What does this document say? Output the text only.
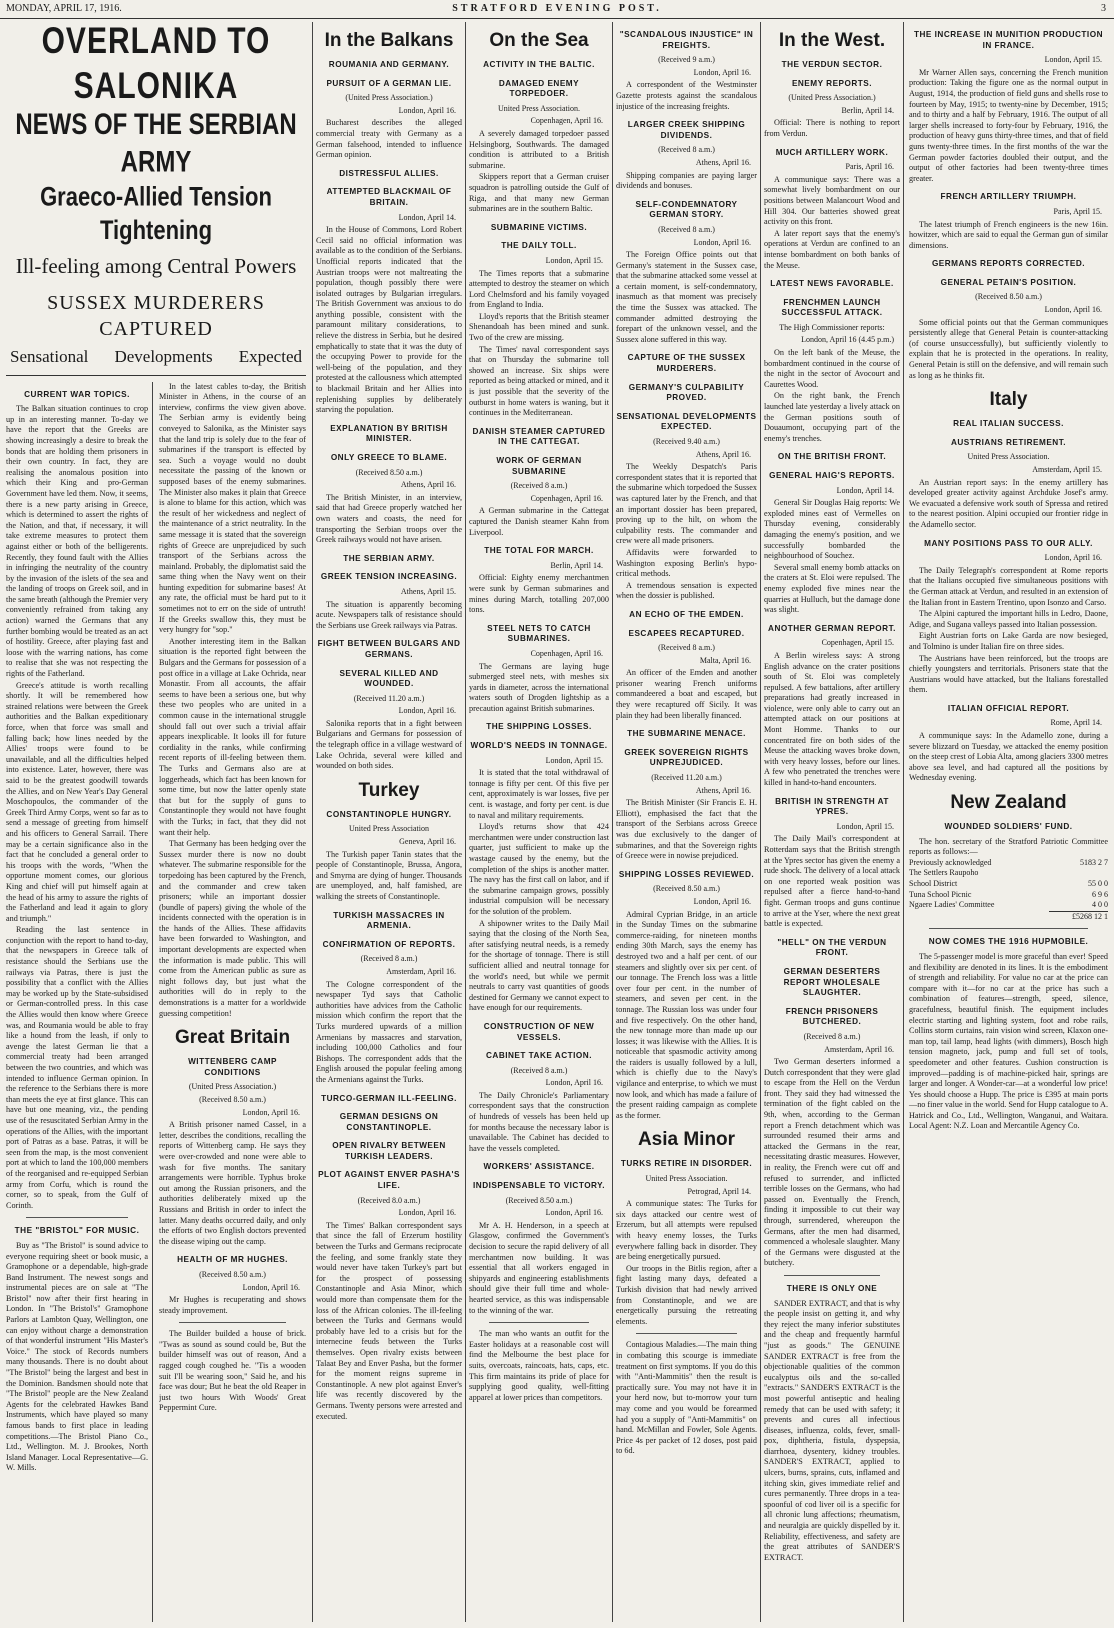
MONDAY, APRIL 17, 1916.	STRATFORD EVENING POST.	3
OVERLAND TO SALONIKA
NEWS OF THE SERBIAN ARMY
Graeco-Allied Tension Tightening
Ill-feeling among Central Powers
SUSSEX MURDERERS CAPTURED
Sensational Developments Expected
CURRENT WAR TOPICS.

The Balkan situation continues to crop up in an interesting manner. To-day we have the report that the Greeks are showing increasingly a desire to break the bonds that are holding them prisoners in their own country. In fact, they are realising the anomalous position into which their King and pro-German Government have led them. Now, it seems, there is a new party arising in Greece, which is determined to assert the rights of the Nation, and that, if necessary, it will take extreme measures to protect them against either or both of the belligerents. Recently, they found fault with the Allies in infringing the neutrality of the country by the invasion of the islets of the sea and the landing of troops on Greek soil, and in the same breath (although the Premier very conveniently refrained from taking any action) warned the Germans that any further bombing would be treated as an act of hostility. Greece, after playing fast and loose with the warring nations, has come to realise that she was not respecting the rights of the Fatherland.

Greece's attitude is worth recalling shortly. It will be remembered how strained relations were between the Greek authorities and the Balkan expeditionary force, when that force was small and falling back; how lines needed by the Allies' troops were found to be unavailable, and all the difficulties helped into existence. Later, however, there was said to be the greatest goodwill towards the Allies, and on New Year's Day General Moschopoulos, the commander of the Greek Third Army Corps, went so far as to send a message of greeting from himself and his officers to General Sarrail. There may be a certain significance also in the fact that he concluded a general order to his troops with the words, "When the opportune moment comes, our glorious King and chief will put himself again at the head of his army to assure the rights of the Fatherland and lead it again to glory and triumph."

Reading the last sentence in conjunction with the report to hand to-day, that the newspapers in Greece talk of resistance should the Serbians use the railways via Patras, there is just the possibility that a conflict with the Allies may be worked up by the State-subsidised or German-controlled press. In this case the Allies would then know where Greece was, and Roumania would be able to fray like a hound from the leash, if only to avenge the latest German lie that a commercial treaty had been arranged between the two countries, and which was intended to influence German opinion. In the reference to the Serbians there is more than meets the eye at first glance. This can have but one meaning, viz., the pending use of the resuscitated Serbian Army in the operations of the Allies, with the important port of Patras as a base. Patras, it will be seen from the map, is the most convenient port at which to land the 100,000 members of the reorganised and re-equipped Serbian army from Corfu, which is round the corner, so to speak, from the Gulf of Corinth.

THE "BRISTOL" FOR MUSIC.

Buy as "The Bristol" is sound advice to everyone requiring sheet or book music, a Gramophone or a dependable, high-grade Band Instrument. The newest songs and instrumental pieces are on sale at "The Bristol" now after their first hearing in London. In "The Bristol's" Gramophone Parlors at Lambton Quay, Wellington, one can enjoy without charge a demonstration of that wonderful instrument "His Master's Voice." The stock of Records numbers many thousands. There is no doubt about "The Bristol" being the largest and best in the Dominion. Bandsmen should note that "The Bristol" people are the New Zealand Agents for the celebrated Hawkes Band Instruments, which have played so many famous bands to first place in leading competitions.—The Bristol Piano Co., Ltd., Wellington. M. J. Brookes, North Island Manager. Local Representative—G. W. Mills.

In the latest cables to-day, the British Minister in Athens, in the course of an interview, confirms the view given above. The Serbian army is evidently being conveyed to Salonika, as the Minister says that the land trip is solely due to the fear of submarines if the transport is effected by sea. Such a voyage would no doubt necessitate the passing of the known or supposed bases of the enemy submarines. The Minister also makes it plain that Greece is alone to blame for this action, which was the result of her wickedness and neglect of the maintenance of a strict neutrality. In the same message it is stated that the sovereign rights of Greece are unprejudiced by such transport of the Serbians across the mainland. Probably, the diplomatist said the same thing when the Navy went on their hunting expedition for submarine bases! At any rate, the official must be hard put to it sometimes not to err on the side of untruth! If the Greeks swallow this, they must be very hungry for "sop."

Another interesting item in the Balkan situation is the reported fight between the Bulgars and the Germans for possession of a post office in a village at Lake Ochrida, near Monastir. From all accounts, the affair seems to have been a serious one, but why these two peoples who are united in a common cause in the international struggle should fall out over such a trivial affair appears inexplicable. It looks ill for future cordiality in the ranks, while confirming recent reports of ill-feeling between them. The Turks and Germans also are at loggerheads, which fact has been known for some time, but now the latter openly state that but for the supply of guns to Constantinople they would not have fought with the Turks; in fact, that they did not want their help.

That Germany has been hedging over the Sussex murder there is now no doubt whatever. The submarine responsible for the torpedoing has been captured by the French, and the commander and crew taken prisoners; while an important dossier (bundle of papers) giving the whole of the incidents connected with the operation is in the hands of the Allies. These affidavits have been forwarded to Washington, and important developments are expected when the information is made public. This will come from the American public as sure as night follows day, but just what the authorities will do in reply to the demonstrations is a matter for a worldwide guessing competition!

Great Britain
WITTENBERG CAMP CONDITIONS
(United Press Association.)
(Received 8.50 a.m.)
London, April 16.

A British prisoner named Cassel, in a letter, describes the conditions, recalling the reports of Wittenberg camp. He says they were over-crowded and none were able to wash for five months. The sanitary arrangements were horrible. Typhus broke out among the Russian prisoners, and the authorities deliberately mixed up the Russians and British in order to infect the latter. Many deaths occurred daily, and only the efforts of two English doctors prevented the disease wiping out the camp.

HEALTH OF MR HUGHES.
(Received 8.50 a.m.)
London, April 16.

Mr Hughes is recuperating and shows steady improvement.

The Builder builded a house of brick. "Twas as sound as sound could be, But the builder himself was out of reason, And a ragged cough coughed he. "Tis a wooden suit I'll be wearing soon," Said he, and his face was dour; But he beat the old Reaper in just two hours With Woods' Great Peppermint Cure.

In the Balkans
ROUMANIA AND GERMANY.
PURSUIT OF A GERMAN LIE.
(United Press Association.)
London, April 16.

Bucharest describes the alleged commercial treaty with Germany as a German falsehood, intended to influence German opinion.

DISTRESSFUL ALLIES.
ATTEMPTED BLACKMAIL OF BRITAIN.
London, April 14.

In the House of Commons, Lord Robert Cecil said no official information was available as to the condition of the Serbians. Unofficial reports indicated that the Austrian troops were not maltreating the population, though possibly there were isolated outrages by Bulgarian irregulars. The British Government was anxious to do anything possible, consistent with the paramount military considerations, to relieve the distress in Serbia, but he desired emphatically to state that it was the duty of the occupying Power to provide for the well-being of the population, and they protested at the callousness which attempted to blackmail Britain and her Allies into replenishing supplies by deliberately starving the population.

EXPLANATION BY BRITISH MINISTER.
ONLY GREECE TO BLAME.
(Received 8.50 a.m.)
Athens, April 16.

The British Minister, in an interview, said that had Greece properly watched her own waters and coasts, the need for transporting the Serbian troops over the Greek railways would not have arisen.

THE SERBIAN ARMY.
GREEK TENSION INCREASING.
Athens, April 15.

The situation is apparently becoming acute. Newspapers talk of resistance should the Serbians use Greek railways via Patras.

FIGHT BETWEEN BULGARS AND GERMANS.
SEVERAL KILLED AND WOUNDED.
(Received 11.20 a.m.)
London, April 16.

Salonika reports that in a fight between Bulgarians and Germans for possession of the telegraph office in a village westward of Lake Ochrida, several were killed and wounded on both sides.

Turkey
CONSTANTINOPLE HUNGRY.
United Press Association
Geneva, April 16.

The Turkish paper Tanin states that the people of Constantinople, Brussa, Angora, and Smyrna are dying of hunger. Thousands are unemployed, and, half famished, are walking the streets of Constantinople.

TURKISH MASSACRES IN ARMENIA.
CONFIRMATION OF REPORTS.
(Received 8 a.m.)
Amsterdam, April 16.

The Cologne correspondent of the newspaper Tyd says that Catholic authorities have advices from the Catholic mission which confirm the report that the Turks murdered upwards of a million Armenians by massacres and starvation, including 100,000 Catholics and four Bishops. The correspondent adds that the English aroused the popular feeling among the Armenians against the Turks.

TURCO-GERMAN ILL-FEELING.
GERMAN DESIGNS ON CONSTANTINOPLE.
OPEN RIVALRY BETWEEN TURKISH LEADERS.
PLOT AGAINST ENVER PASHA'S LIFE.
(Received 8.0 a.m.)
London, April 16.

The Times' Balkan correspondent says that since the fall of Erzerum hostility between the Turks and Germans reciprocate the feeling, and some frankly state they would never have taken Turkey's part but for the prospect of possessing Constantinople and Asia Minor, which would more than compensate them for the loss of the African colonies. The ill-feeling between the Turks and Germans would probably have led to a crisis but for the internecine feuds between the Turks themselves. Open rivalry exists between Talaat Bey and Enver Pasha, but the former for the moment reigns supreme in Constantinople. A new plot against Enver's life was recently discovered by the Germans. Twenty persons were arrested and executed.

On the Sea
ACTIVITY IN THE BALTIC.
DAMAGED ENEMY TORPEDOER.
United Press Association.
Copenhagen, April 16.

A severely damaged torpedoer passed Helsingborg, Southwards. The damaged condition is attributed to a British submarine.

Skippers report that a German cruiser squadron is patrolling outside the Gulf of Riga, and that many new German submarines are in the southern Baltic.

SUBMARINE VICTIMS.
THE DAILY TOLL.
London, April 15.

The Times reports that a submarine attempted to destroy the steamer on which Lord Chelmsford and his family voyaged from England to India.

Lloyd's reports that the British steamer Shenandoah has been mined and sunk. Two of the crew are missing.

The Times' naval correspondent says that on Thursday the submarine toll showed an increase. Six ships were reported as being attacked or mined, and it is just possible that the severity of the outburst in home waters is waning, but it continues in the Mediterranean.

DANISH STEAMER CAPTURED IN THE CATTEGAT.
WORK OF GERMAN SUBMARINE
(Received 8 a.m.)
Copenhagen, April 16.

A German submarine in the Cattegat captured the Danish steamer Kahn from Liverpool.

THE TOTAL FOR MARCH.
Berlin, April 14.

Official: Eighty enemy merchantmen were sunk by German submarines and mines during March, totalling 207,000 tons.

STEEL NETS TO CATCH SUBMARINES.
Copenhagen, April 16.

The Germans are laying huge submerged steel nets, with meshes six yards in diameter, across the international waters south of Drogden lightship as a precaution against British submarines.

THE SHIPPING LOSSES.
WORLD'S NEEDS IN TONNAGE.
London, April 15.

It is stated that the total withdrawal of tonnage is fifty per cent. Of this five per cent, approximately is war losses, five per cent. is wastage, and forty per cent. is due to naval and military requirements.

Lloyd's returns show that 424 merchantmen were under construction last quarter, just sufficient to make up the wastage caused by the enemy, but the completion of the ships is another matter. The navy has the first call on labor, and if the submarine campaign grows, possibly industrial compulsion will be necessary for the solution of the problem.

A shipowner writes to the Daily Mail saying that the closing of the North Sea, after satisfying neutral needs, is a remedy for the shortage of tonnage. There is still sufficient allied and neutral tonnage for the world's need, but while we permit neutrals to carry vast quantities of goods destined for Germany we cannot expect to have enough for our requirements.

CONSTRUCTION OF NEW VESSELS.
CABINET TAKE ACTION.
(Received 8 a.m.)
London, April 16.

The Daily Chronicle's Parliamentary correspondent says that the construction of hundreds of vessels has been held up for months because the necessary labor is unavailable. The Cabinet has decided to have the vessels completed.

WORKERS' ASSISTANCE.
INDISPENSABLE TO VICTORY.
(Received 8.50 a.m.)
London, April 16.

Mr A. H. Henderson, in a speech at Glasgow, confirmed the Government's decision to secure the rapid delivery of all merchantmen now building. It was essential that all workers engaged in shipyards and engineering establishments should give their full time and whole-hearted service, as this was indispensable to the winning of the war.

The man who wants an outfit for the Easter holidays at a reasonable cost will find the Melbourne the best place for suits, overcoats, raincoats, hats, caps, etc. This firm maintains its pride of place for supplying good quality, well-fitting apparel at lower prices than competitors.

"SCANDALOUS INJUSTICE" IN FREIGHTS.
(Received 9 a.m.)
London, April 16.

A correspondent of the Westminster Gazette protests against the scandalous injustice of the increasing freights.

LARGER CREEK SHIPPING DIVIDENDS.
(Received 8 a.m.)
Athens, April 16.

Shipping companies are paying larger dividends and bonuses.

SELF-CONDEMNATORY GERMAN STORY.
(Received 8 a.m.)
London, April 16.

The Foreign Office points out that Germany's statement in the Sussex case, that the submarine attacked some vessel at a certain moment, is self-condemnatory, inasmuch as that moment was precisely the time the Sussex was attacked. The commander admitted destroying the forepart of the unknown vessel, and the Sussex alone suffered in this way.

CAPTURE OF THE SUSSEX MURDERERS.
GERMANY'S CULPABILITY PROVED.
SENSATIONAL DEVELOPMENTS EXPECTED.
(Received 9.40 a.m.)
Athens, April 16.

The Weekly Despatch's Paris correspondent states that it is reported that the submarine which torpedoed the Sussex was captured later by the French, and that an important dossier has been prepared, proving up to the hilt, on whom the culpability rests. The commander and crew were all made prisoners.

Affidavits were forwarded to Washington exposing Berlin's hypo-critical methods.

A tremendous sensation is expected when the dossier is published.

AN ECHO OF THE EMDEN.
ESCAPEES RECAPTURED.
(Received 8 a.m.)
Malta, April 16.

An officer of the Emden and another prisoner wearing French uniforms commandeered a boat and escaped, but they were recaptured off Sicily. It was plain they had been liberally financed.

THE SUBMARINE MENACE.
GREEK SOVEREIGN RIGHTS UNPREJUDICED.
(Received 11.20 a.m.)
Athens, April 16.

The British Minister (Sir Francis E. H. Elliott), emphasised the fact that the transport of the Serbians across Greece was due exclusively to the danger of submarines, and that the Sovereign rights of Greece were in nowise prejudiced.

SHIPPING LOSSES REVIEWED.
(Received 8.50 a.m.)
London, April 16.

Admiral Cyprian Bridge, in an article in the Sunday Times on the submarine commerce-raiding, for nineteen months ending 30th March, says the enemy has destroyed two and a half per cent. of our steamers and slightly over six per cent. of our tonnage. The French loss was a little over four per cent. in the number of steamers, and seven per cent. in the tonnage. The Russian loss was under four and five respectively. On the other hand, the new tonnage more than made up our losses; it was likewise with the Allies. It is noticeable that spasmodic activity among the raiders is usually followed by a lull, which is chiefly due to the Navy's vigilance and enterprise, to which we must now look, and which has made a failure of the present raiding campaign as complete as the former.

Asia Minor
TURKS RETIRE IN DISORDER.
United Press Association.
Petrograd, April 14.

A communique states: The Turks for six days attacked our centre west of Erzerum, but all attempts were repulsed with heavy enemy losses, the Turks everywhere falling back in disorder. They are being energetically pursued.

Our troops in the Bitlis region, after a fight lasting many days, defeated a Turkish division that had newly arrived from Constantinople, and we are energetically pursuing the retreating elements.

Contagious Maladies.—The main thing in combating this scourge is immediate treatment on first symptoms. If you do this with "Anti-Mammitis" then the result is practically sure. You may not have it in your herd now, but to-morrow your turn may come and you would be forearmed had you a supply of "Anti-Mammitis" on hand. McMillan and Fowler, Sole Agents. Price 4s per packet of 12 doses, post paid to 6d.

In the West.
THE VERDUN SECTOR.
ENEMY REPORTS.
(United Press Association.)
Berlin, April 14.

Official: There is nothing to report from Verdun.

MUCH ARTILLERY WORK.
Paris, April 16.

A communique says: There was a somewhat lively bombardment on our positions between Malancourt Wood and Hill 304. Our batteries showed great activity on this front.

A later report says that the enemy's operations at Verdun are confined to an intense bombardment on both banks of the Meuse.

LATEST NEWS FAVORABLE.
FRENCHMEN LAUNCH SUCCESSFUL ATTACK.
The High Commissioner reports:
London, April 16 (4.45 p.m.)

On the left bank of the Meuse, the bombardment continued in the course of the night in the sector of Avocourt and Caurettes Wood.

On the right bank, the French launched late yesterday a lively attack on the German positions south of Douaumont, occupying part of the enemy's trenches.

ON THE BRITISH FRONT.
GENERAL HAIG'S REPORTS.
London, April 14.

General Sir Douglas Haig reports: We exploded mines east of Vermelles on Thursday evening, considerably damaging the enemy's position, and we successfully bombarded the neighbourhood of Souchez.

Several small enemy bomb attacks on the craters at St. Eloi were repulsed. The enemy exploded five mines near the quarries at Hulluch, but the damage done was slight.

ANOTHER GERMAN REPORT.
Copenhagen, April 15.

A Berlin wireless says: A strong English advance on the crater positions south of St. Eloi was completely repulsed. A few battalions, after artillery preparations had greatly increased in violence, were only able to carry out an attempted attack on our positions at Mont Homme. Thanks to our concentrated fire on both sides of the Meuse the attacking waves broke down, with very heavy losses, before our lines. A few who penetrated the trenches were killed in hand-to-hand encounters.

BRITISH IN STRENGTH AT YPRES.
London, April 15.

The Daily Mail's correspondent at Rotterdam says that the British strength at the Ypres sector has given the enemy a rude shock. The delivery of a local attack on one reported weak position was repulsed after a fierce hand-to-hand fight. German troops and guns continue to arrive at the Yser, where the next great battle is expected.

"HELL" ON THE VERDUN FRONT.
GERMAN DESERTERS REPORT WHOLESALE SLAUGHTER.
FRENCH PRISONERS BUTCHERED.
(Received 8 a.m.)
Amsterdam, April 16.

Two German deserters informed a Dutch correspondent that they were glad to escape from the Hell on the Verdun front. They said they had witnessed the termination of the fight cabled on the 9th, when, according to the German report a French detachment which was surrounded resumed their arms and attacked the Germans in the rear, necessitating drastic measures. However, in reality, the French were cut off and refused to surrender, and inflicted terrible losses on the Germans, who had passed on. Eventually the French, finding it impossible to cut their way through, surrendered, whereupon the Germans, after the men had disarmed, commenced a wholesale slaughter. Many of the Germans were disgusted at the butchery.

THERE IS ONLY ONE

SANDER EXTRACT, and that is why the people insist on getting it, and why they reject the many inferior substitutes and the cheap and frequently harmful "just as goods." The GENUINE SANDER EXTRACT is free from the objectionable qualities of the common eucalyptus oils and the so-called "extracts." SANDER'S EXTRACT is the most powerful antiseptic and healing remedy that can be used with safety; it prevents and cures all infectious diseases, influenza, colds, fever, small-pox, diphtheria, fistula, dyspepsia, diarrhoea, dysentery, kidney troubles. SANDER'S EXTRACT, applied to ulcers, burns, sprains, cuts, inflamed and itching skin, gives immediate relief and cures permanently. Three drops in a tea-spoonful of cod liver oil is a specific for all chronic lung affections; rheumatism, and neuralgia are quickly dispelled by it. Reliability, effectiveness, and safety are the great attributes of SANDER'S EXTRACT.

THE INCREASE IN MUNITION PRODUCTION IN FRANCE.
London, April 15.

Mr Warner Allen says, concerning the French munition production: Taking the figure one as the normal output in August, 1914, the production of field guns and shells rose to fourteen by May, 1915; to twenty-nine by December, 1915; and to thirty and a half by February, 1916. The output of all larger shells increased to forty-four by February, 1916, the production of heavy guns thirty-three times, and that of field guns twenty-three times. In the first months of the war the German powder factories doubled their output, and the output of other factories had been twenty-three times greater.

FRENCH ARTILLERY TRIUMPH.
Paris, April 15.

The latest triumph of French engineers is the new 16in. howitzer, which are said to equal the German gun of similar dimensions.

GERMANS REPORTS CORRECTED.
GENERAL PETAIN'S POSITION.
(Received 8.50 a.m.)
London, April 16.

Some official points out that the German communiques persistently allege that General Petain is counter-attacking (of course unsuccessfully), but sufficiently violently to explain that he is protected in the operations. In reality, General Petain is still on the defensive, and will remain such as long as he thinks fit.

Italy
REAL ITALIAN SUCCESS.
AUSTRIANS RETIREMENT.
United Press Association.
Amsterdam, April 15.

An Austrian report says: In the enemy artillery has developed greater activity against Archduke Josef's army. We evacuated a defensive work south of Spressa and retired to the nearest position. Alpini occupied our frontier ridge in the Adamello sector.

MANY POSITIONS PASS TO OUR ALLY.
London, April 16.

The Daily Telegraph's correspondent at Rome reports that the Italians occupied five simultaneous positions with the German attack at Verdun, and resulted in an extension of the Italian front in Eastern Trentino, upon Isonzo and Carso.

The Alpini captured the important hills in Ledro, Daone, Adige, and Sugana valleys passed into Italian possession.

Eight Austrian forts on Lake Garda are now besieged, and Tolmino is under Italian fire on three sides.

The Austrians have been reinforced, but the troops are chiefly youngsters and territorials. Prisoners state that the Austrians would have attacked, but the Italians forestalled them.

ITALIAN OFFICIAL REPORT.
Rome, April 14.

A communique says: In the Adamello zone, during a severe blizzard on Tuesday, we attacked the enemy position on the steep crest of Lobia Alta, among glaciers 3300 metres above sea level, and had captured all the positions by Wednesday evening.

New Zealand
WOUNDED SOLDIERS' FUND.

The hon. secretary of the Stratford Patriotic Committee reports as follows:—

Previously acknowledged	5183 2 7
The Settlers Raupoho	
School District	55 0 0
Tuna School Picnic	6 9 6
Ngaere Ladies' Committee	4 0 0
	£5268 12 1
NOW COMES THE 1916 HUPMOBILE.

The 5-passenger model is more graceful than ever! Speed and flexibility are denoted in its lines. It is the embodiment of strength and reliability. For value no car at the price can compare with it—for no car at the price has such a combination of features—strength, speed, silence, gracefulness, beautiful finish. The equipment includes electric starting and lighting system, foot and robe rails, Collins storm curtains, rain vision wind screen, Klaxon one-man top, tail lamp, head lights (with dimmers), Bosch high tension magneto, jack, pump and full set of tools, speedometer and other features. Cushion construction is improved—padding is of machine-picked hair, springs are larger and longer. A Wonder-car—at a wonderful low price! Yes should choose a Hupp. The price is £395 at main ports—no finer value in the world. Send for Hupp catalogue to A. Hatrick and Co., Ltd., Wellington, Wanganui, and Waitara. Local Agent: N.Z. Loan and Mercantile Agency Co.
